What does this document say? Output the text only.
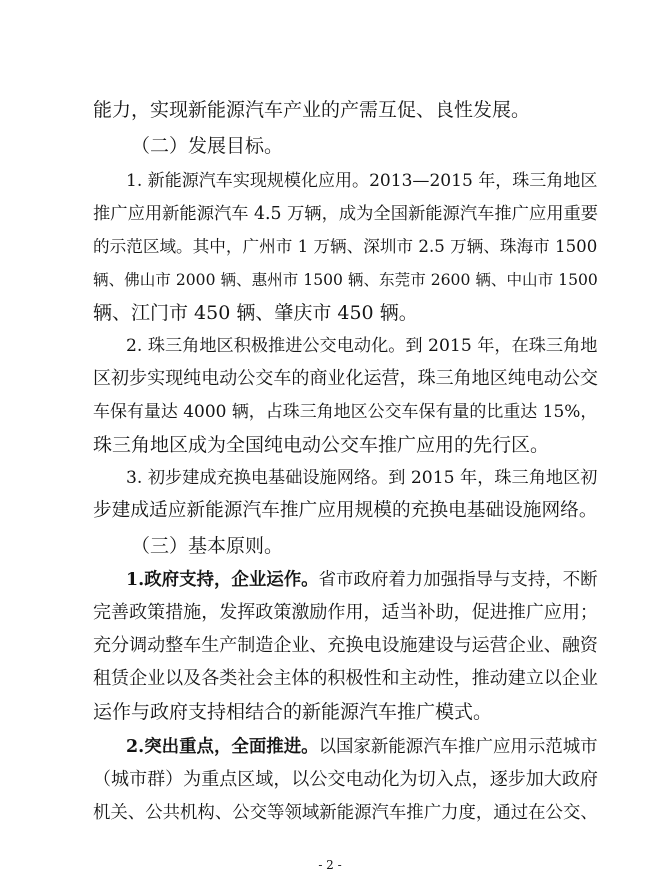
能力，实现新能源汽车产业的产需互促、良性发展。
（二）发展目标。
1. 新能源汽车实现规模化应用。2013—2015 年，珠三角地区
推广应用新能源汽车 4.5 万辆，成为全国新能源汽车推广应用重要
的示范区域。其中，广州市 1 万辆、深圳市 2.5 万辆、珠海市 1500
辆、佛山市 2000 辆、惠州市 1500 辆、东莞市 2600 辆、中山市 1500
辆、江门市 450 辆、肇庆市 450 辆。
2. 珠三角地区积极推进公交电动化。到 2015 年，在珠三角地
区初步实现纯电动公交车的商业化运营，珠三角地区纯电动公交
车保有量达 4000 辆，占珠三角地区公交车保有量的比重达 15%，
珠三角地区成为全国纯电动公交车推广应用的先行区。
3. 初步建成充换电基础设施网络。到 2015 年，珠三角地区初
步建成适应新能源汽车推广应用规模的充换电基础设施网络。
（三）基本原则。
1.政府支持，企业运作。省市政府着力加强指导与支持，不断
完善政策措施，发挥政策激励作用，适当补助，促进推广应用；
充分调动整车生产制造企业、充换电设施建设与运营企业、融资
租赁企业以及各类社会主体的积极性和主动性，推动建立以企业
运作与政府支持相结合的新能源汽车推广模式。
2.突出重点，全面推进。以国家新能源汽车推广应用示范城市
（城市群）为重点区域，以公交电动化为切入点，逐步加大政府
机关、公共机构、公交等领域新能源汽车推广力度，通过在公交、
- 2 -
